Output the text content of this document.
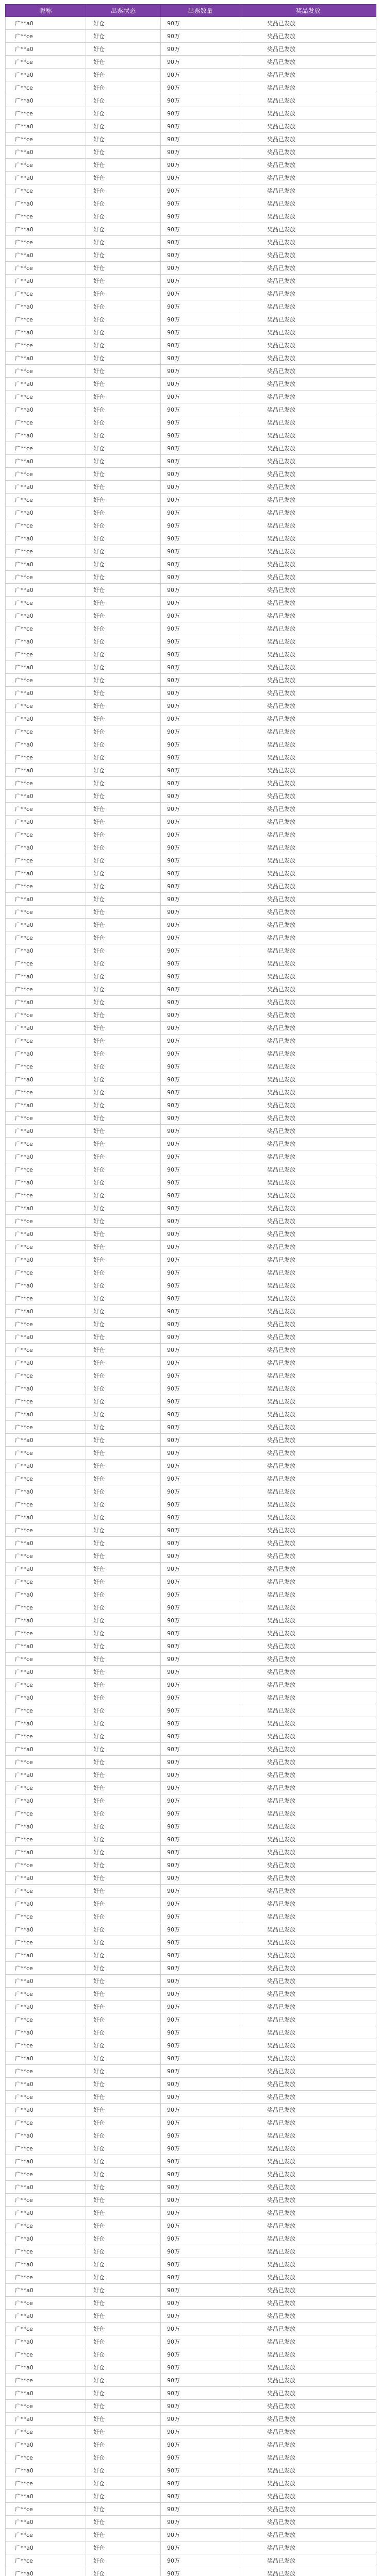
昵称	出票状态	出票数量	奖品发放
广**a0	好仓	90万	奖品已发放
广**ce	好仓	90万	奖品已发放
广**a0	好仓	90万	奖品已发放
广**ce	好仓	90万	奖品已发放
广**a0	好仓	90万	奖品已发放
广**ce	好仓	90万	奖品已发放
广**a0	好仓	90万	奖品已发放
广**ce	好仓	90万	奖品已发放
广**a0	好仓	90万	奖品已发放
广**ce	好仓	90万	奖品已发放
广**a0	好仓	90万	奖品已发放
广**ce	好仓	90万	奖品已发放
广**a0	好仓	90万	奖品已发放
广**ce	好仓	90万	奖品已发放
广**a0	好仓	90万	奖品已发放
广**ce	好仓	90万	奖品已发放
广**a0	好仓	90万	奖品已发放
广**ce	好仓	90万	奖品已发放
广**a0	好仓	90万	奖品已发放
广**ce	好仓	90万	奖品已发放
广**a0	好仓	90万	奖品已发放
广**ce	好仓	90万	奖品已发放
广**a0	好仓	90万	奖品已发放
广**ce	好仓	90万	奖品已发放
广**a0	好仓	90万	奖品已发放
广**ce	好仓	90万	奖品已发放
广**a0	好仓	90万	奖品已发放
广**ce	好仓	90万	奖品已发放
广**a0	好仓	90万	奖品已发放
广**ce	好仓	90万	奖品已发放
广**a0	好仓	90万	奖品已发放
广**ce	好仓	90万	奖品已发放
广**a0	好仓	90万	奖品已发放
广**ce	好仓	90万	奖品已发放
广**a0	好仓	90万	奖品已发放
广**ce	好仓	90万	奖品已发放
广**a0	好仓	90万	奖品已发放
广**ce	好仓	90万	奖品已发放
广**a0	好仓	90万	奖品已发放
广**ce	好仓	90万	奖品已发放
广**a0	好仓	90万	奖品已发放
广**ce	好仓	90万	奖品已发放
广**a0	好仓	90万	奖品已发放
广**ce	好仓	90万	奖品已发放
广**a0	好仓	90万	奖品已发放
广**ce	好仓	90万	奖品已发放
广**a0	好仓	90万	奖品已发放
广**ce	好仓	90万	奖品已发放
广**a0	好仓	90万	奖品已发放
广**ce	好仓	90万	奖品已发放
广**a0	好仓	90万	奖品已发放
广**ce	好仓	90万	奖品已发放
广**a0	好仓	90万	奖品已发放
广**ce	好仓	90万	奖品已发放
广**a0	好仓	90万	奖品已发放
广**ce	好仓	90万	奖品已发放
广**a0	好仓	90万	奖品已发放
广**ce	好仓	90万	奖品已发放
广**a0	好仓	90万	奖品已发放
广**ce	好仓	90万	奖品已发放
广**a0	好仓	90万	奖品已发放
广**ce	好仓	90万	奖品已发放
广**a0	好仓	90万	奖品已发放
广**ce	好仓	90万	奖品已发放
广**a0	好仓	90万	奖品已发放
广**ce	好仓	90万	奖品已发放
广**a0	好仓	90万	奖品已发放
广**ce	好仓	90万	奖品已发放
广**a0	好仓	90万	奖品已发放
广**ce	好仓	90万	奖品已发放
广**a0	好仓	90万	奖品已发放
广**ce	好仓	90万	奖品已发放
广**a0	好仓	90万	奖品已发放
广**ce	好仓	90万	奖品已发放
广**a0	好仓	90万	奖品已发放
广**ce	好仓	90万	奖品已发放
广**a0	好仓	90万	奖品已发放
广**ce	好仓	90万	奖品已发放
广**a0	好仓	90万	奖品已发放
广**ce	好仓	90万	奖品已发放
广**a0	好仓	90万	奖品已发放
广**ce	好仓	90万	奖品已发放
广**a0	好仓	90万	奖品已发放
广**ce	好仓	90万	奖品已发放
广**a0	好仓	90万	奖品已发放
广**ce	好仓	90万	奖品已发放
广**a0	好仓	90万	奖品已发放
广**ce	好仓	90万	奖品已发放
广**a0	好仓	90万	奖品已发放
广**ce	好仓	90万	奖品已发放
广**a0	好仓	90万	奖品已发放
广**ce	好仓	90万	奖品已发放
广**a0	好仓	90万	奖品已发放
广**ce	好仓	90万	奖品已发放
广**a0	好仓	90万	奖品已发放
广**ce	好仓	90万	奖品已发放
广**a0	好仓	90万	奖品已发放
广**ce	好仓	90万	奖品已发放
广**a0	好仓	90万	奖品已发放
广**ce	好仓	90万	奖品已发放
广**a0	好仓	90万	奖品已发放
广**ce	好仓	90万	奖品已发放
广**a0	好仓	90万	奖品已发放
广**ce	好仓	90万	奖品已发放
广**a0	好仓	90万	奖品已发放
广**ce	好仓	90万	奖品已发放
广**a0	好仓	90万	奖品已发放
广**ce	好仓	90万	奖品已发放
广**a0	好仓	90万	奖品已发放
广**ce	好仓	90万	奖品已发放
广**a0	好仓	90万	奖品已发放
广**ce	好仓	90万	奖品已发放
广**a0	好仓	90万	奖品已发放
广**ce	好仓	90万	奖品已发放
广**a0	好仓	90万	奖品已发放
广**ce	好仓	90万	奖品已发放
广**a0	好仓	90万	奖品已发放
广**ce	好仓	90万	奖品已发放
广**a0	好仓	90万	奖品已发放
广**ce	好仓	90万	奖品已发放
广**a0	好仓	90万	奖品已发放
广**ce	好仓	90万	奖品已发放
广**a0	好仓	90万	奖品已发放
广**ce	好仓	90万	奖品已发放
广**a0	好仓	90万	奖品已发放
广**ce	好仓	90万	奖品已发放
广**a0	好仓	90万	奖品已发放
广**ce	好仓	90万	奖品已发放
广**a0	好仓	90万	奖品已发放
广**ce	好仓	90万	奖品已发放
广**a0	好仓	90万	奖品已发放
广**ce	好仓	90万	奖品已发放
广**a0	好仓	90万	奖品已发放
广**ce	好仓	90万	奖品已发放
广**a0	好仓	90万	奖品已发放
广**ce	好仓	90万	奖品已发放
广**a0	好仓	90万	奖品已发放
广**ce	好仓	90万	奖品已发放
广**a0	好仓	90万	奖品已发放
广**ce	好仓	90万	奖品已发放
广**a0	好仓	90万	奖品已发放
广**ce	好仓	90万	奖品已发放
广**a0	好仓	90万	奖品已发放
广**ce	好仓	90万	奖品已发放
广**a0	好仓	90万	奖品已发放
广**ce	好仓	90万	奖品已发放
广**a0	好仓	90万	奖品已发放
广**ce	好仓	90万	奖品已发放
广**a0	好仓	90万	奖品已发放
广**ce	好仓	90万	奖品已发放
广**a0	好仓	90万	奖品已发放
广**ce	好仓	90万	奖品已发放
广**a0	好仓	90万	奖品已发放
广**ce	好仓	90万	奖品已发放
广**a0	好仓	90万	奖品已发放
广**ce	好仓	90万	奖品已发放
广**a0	好仓	90万	奖品已发放
广**ce	好仓	90万	奖品已发放
广**a0	好仓	90万	奖品已发放
广**ce	好仓	90万	奖品已发放
广**a0	好仓	90万	奖品已发放
广**ce	好仓	90万	奖品已发放
广**a0	好仓	90万	奖品已发放
广**ce	好仓	90万	奖品已发放
广**a0	好仓	90万	奖品已发放
广**ce	好仓	90万	奖品已发放
广**a0	好仓	90万	奖品已发放
广**ce	好仓	90万	奖品已发放
广**a0	好仓	90万	奖品已发放
广**ce	好仓	90万	奖品已发放
广**a0	好仓	90万	奖品已发放
广**ce	好仓	90万	奖品已发放
广**a0	好仓	90万	奖品已发放
广**ce	好仓	90万	奖品已发放
广**a0	好仓	90万	奖品已发放
广**ce	好仓	90万	奖品已发放
广**a0	好仓	90万	奖品已发放
广**ce	好仓	90万	奖品已发放
广**a0	好仓	90万	奖品已发放
广**ce	好仓	90万	奖品已发放
广**a0	好仓	90万	奖品已发放
广**ce	好仓	90万	奖品已发放
广**a0	好仓	90万	奖品已发放
广**ce	好仓	90万	奖品已发放
广**a0	好仓	90万	奖品已发放
广**ce	好仓	90万	奖品已发放
广**a0	好仓	90万	奖品已发放
广**ce	好仓	90万	奖品已发放
广**a0	好仓	90万	奖品已发放
广**ce	好仓	90万	奖品已发放
广**a0	好仓	90万	奖品已发放
广**ce	好仓	90万	奖品已发放
广**a0	好仓	90万	奖品已发放
广**ce	好仓	90万	奖品已发放
广**a0	好仓	90万	奖品已发放
广**ce	好仓	90万	奖品已发放
广**a0	好仓	90万	奖品已发放
广**ce	好仓	90万	奖品已发放
广**a0	好仓	90万	奖品已发放
